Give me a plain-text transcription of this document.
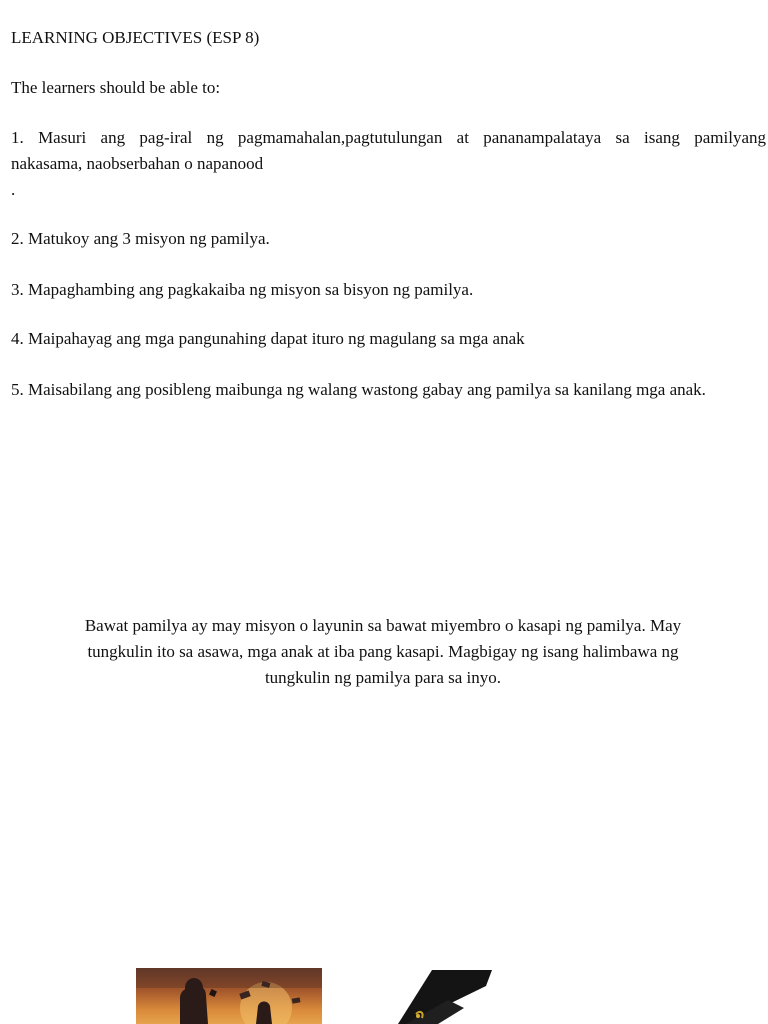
LEARNING OBJECTIVES (ESP 8)
The learners should be able to:
1. Masuri ang pag-iral ng pagmamahalan,pagtutulungan at pananampalataya sa isang pamilyang
nakasama, naobserbahan o napanood
.
2. Matukoy ang 3 misyon ng pamilya.
3. Mapaghambing ang pagkakaiba ng misyon sa bisyon ng pamilya.
4. Maipahayag ang mga pangunahing dapat ituro ng magulang sa mga anak
5. Maisabilang ang posibleng maibunga ng walang wastong gabay ang pamilya sa kanilang mga anak.
Bawat pamilya ay may misyon o layunin sa bawat miyembro o kasapi ng pamilya. May
tungkulin ito sa asawa, mga anak at iba pang kasapi. Magbigay ng isang halimbawa ng
tungkulin ng pamilya para sa inyo.
